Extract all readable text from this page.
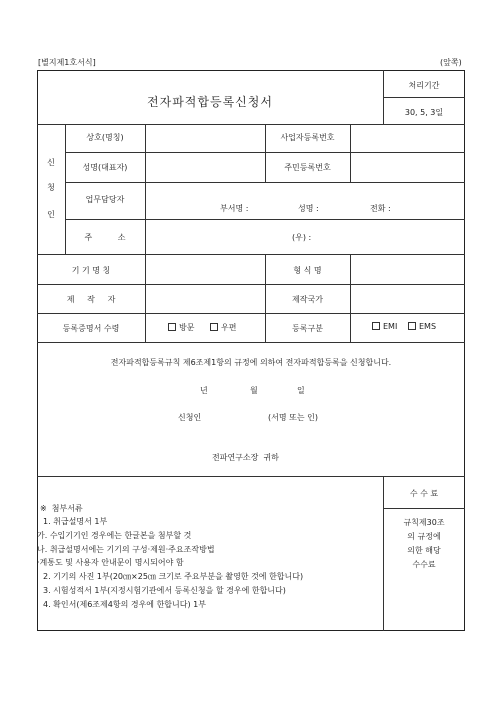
[별지제1호서식]	(앞쪽)
전자파적합등록신청서
처리기간
30, 5, 3일
신
청
인
상호(명칭)	사업자등록번호
성명(대표자)	주민등록번호
업무담당자
부서명 :	성명 :	전화 :
주          소	(우) :
기 기 명 칭	형 식 명
제     작     자	제작국가
등록증명서 수령	방문	우편	등록구분	EMI	EMS
전자파적합등록규칙 제6조제1항의 규정에 의하여 전자파적합등록을 신청합니다.
년	월	일
신청인	(서명 또는 인)
전파연구소장  귀하
※  첨부서류
1. 취급설명서 1부
가. 수입기기인 경우에는 한글본을 첨부할 것
나. 취급설명서에는 기기의 구성·제원·주요조작방법
·계통도 및 사용자 안내문이 명시되어야 함
2. 기기의 사진 1부(20㎝×25㎝ 크기로 주요부분을 촬영한 것에 한합니다)
3. 시험성적서 1부(지정시험기관에서 등록신청을 할 경우에 한합니다)
4. 확인서(제6조제4항의 경우에 한합니다) 1부
수 수 료
규칙제30조
의 규정에
의한 해당
수수료
